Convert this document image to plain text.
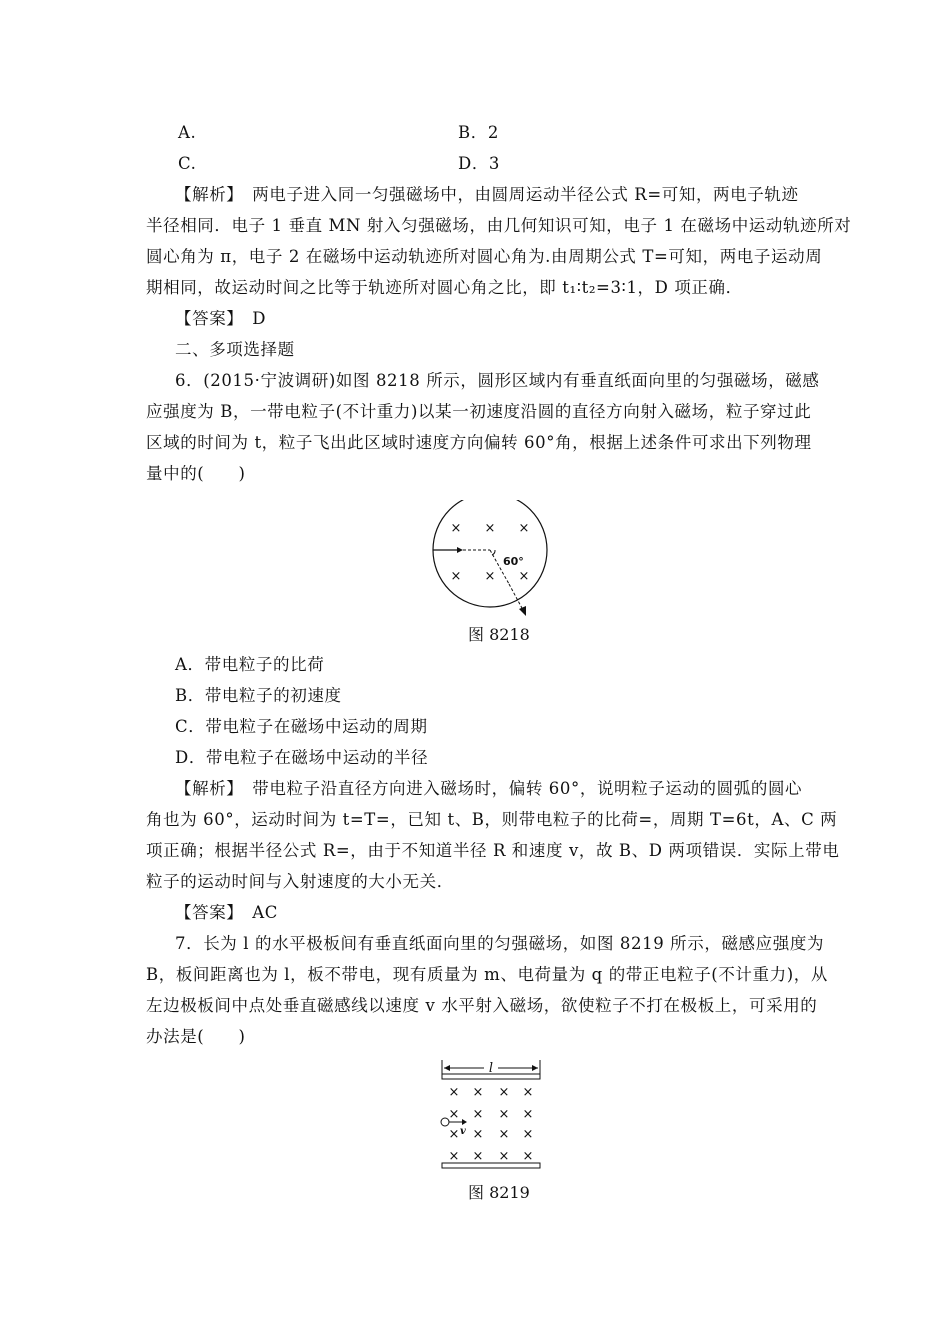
A.	B．2
C.	D．3
【解析】　两电子进入同一匀强磁场中，由圆周运动半径公式 R=可知，两电子轨迹
半径相同．电子 1 垂直 MN 射入匀强磁场，由几何知识可知，电子 1 在磁场中运动轨迹所对
圆心角为 π，电子 2 在磁场中运动轨迹所对圆心角为.由周期公式 T=可知，两电子运动周
期相同，故运动时间之比等于轨迹所对圆心角之比，即 t₁∶t₂=3∶1，D 项正确．
【答案】　D
二、多项选择题
6．(2015·宁波调研)如图 8218 所示，圆形区域内有垂直纸面向里的匀强磁场，磁感
应强度为 B，一带电粒子(不计重力)以某一初速度沿圆的直径方向射入磁场，粒子穿过此
区域的时间为 t，粒子飞出此区域时速度方向偏转 60°角，根据上述条件可求出下列物理
量中的(　　)
× × ×
× × ×
60°
图 8218
A．带电粒子的比荷
B．带电粒子的初速度
C．带电粒子在磁场中运动的周期
D．带电粒子在磁场中运动的半径
【解析】　带电粒子沿直径方向进入磁场时，偏转 60°，说明粒子运动的圆弧的圆心
角也为 60°，运动时间为 t=T=，已知 t、B，则带电粒子的比荷=，周期 T=6t，A、C 两
项正确；根据半径公式 R=，由于不知道半径 R 和速度 v，故 B、D 两项错误．实际上带电
粒子的运动时间与入射速度的大小无关．
【答案】　AC
7．长为 l 的水平极板间有垂直纸面向里的匀强磁场，如图 8219 所示，磁感应强度为
B，板间距离也为 l，板不带电，现有质量为 m、电荷量为 q 的带正电粒子(不计重力)，从
左边极板间中点处垂直磁感线以速度 v 水平射入磁场，欲使粒子不打在极板上，可采用的
办法是(　　)
l
× × × ×
× × × ×
× × × ×
× × × ×
v
图 8219
